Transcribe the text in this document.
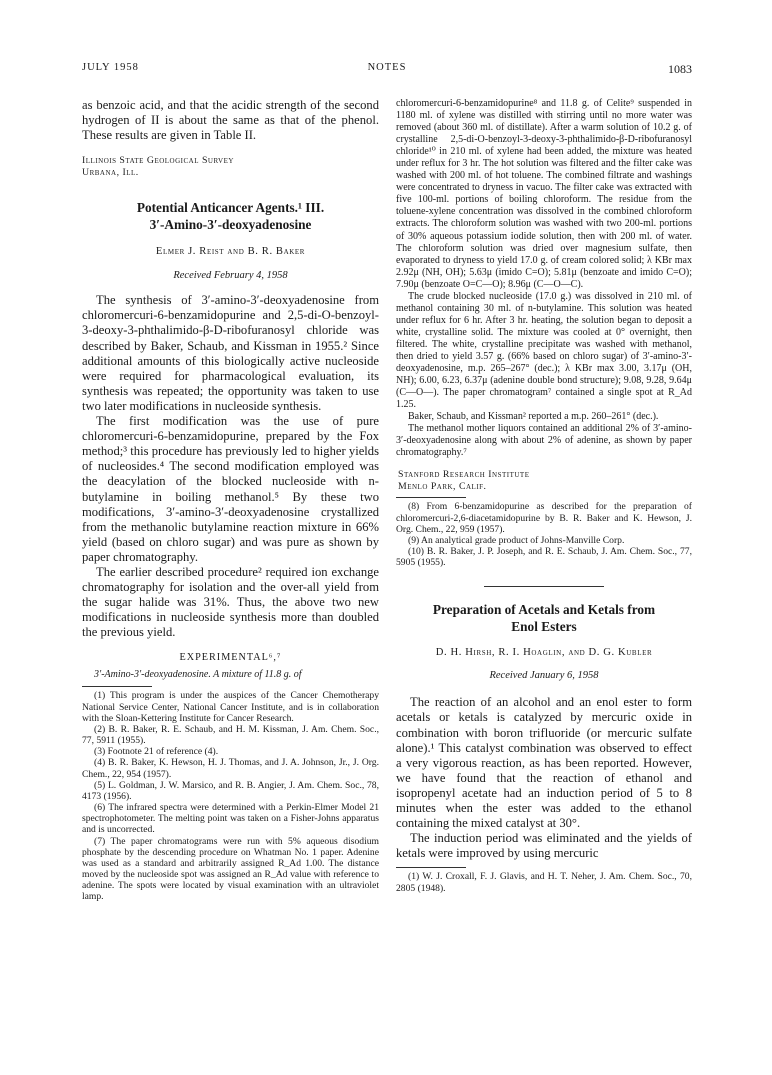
JULY 1958	NOTES	1083

as benzoic acid, and that the acidic strength of the second hydrogen of II is about the same as that of the phenol. These results are given in Table II.

Illinois State Geological Survey
Urbana, Ill.

Potential Anticancer Agents.¹ III.

3′-Amino-3′-deoxyadenosine

Elmer J. Reist and B. R. Baker

Received February 4, 1958

The synthesis of 3′-amino-3′-deoxyadenosine from chloromercuri-6-benzamidopurine and 2,5-di-O-benzoyl-3-deoxy-3-phthalimido-β-D-ribofuranosyl chloride was described by Baker, Schaub, and Kissman in 1955.² Since additional amounts of this biologically active nucleoside were required for pharmacological evaluation, its synthesis was repeated; the opportunity was taken to use two later modifications in nucleoside synthesis.

The first modification was the use of pure chloromercuri-6-benzamidopurine, prepared by the Fox method;³ this procedure has previously led to higher yields of nucleosides.⁴ The second modification employed was the deacylation of the blocked nucleoside with n-butylamine in boiling methanol.⁵ By these two modifications, 3′-amino-3′-deoxyadenosine crystallized from the methanolic butylamine reaction mixture in 66% yield (based on chloro sugar) and was pure as shown by paper chromatography.

The earlier described procedure² required ion exchange chromatography for isolation and the over-all yield from the sugar halide was 31%. Thus, the above two new modifications in nucleoside synthesis more than doubled the previous yield.

EXPERIMENTAL⁶,⁷

3′-Amino-3′-deoxyadenosine. A mixture of 11.8 g. of

(1) This program is under the auspices of the Cancer Chemotherapy National Service Center, National Cancer Institute, and is in collaboration with the Sloan-Kettering Institute for Cancer Research.

(2) B. R. Baker, R. E. Schaub, and H. M. Kissman, J. Am. Chem. Soc., 77, 5911 (1955).

(3) Footnote 21 of reference (4).

(4) B. R. Baker, K. Hewson, H. J. Thomas, and J. A. Johnson, Jr., J. Org. Chem., 22, 954 (1957).

(5) L. Goldman, J. W. Marsico, and R. B. Angier, J. Am. Chem. Soc., 78, 4173 (1956).

(6) The infrared spectra were determined with a Perkin-Elmer Model 21 spectrophotometer. The melting point was taken on a Fisher-Johns apparatus and is uncorrected.

(7) The paper chromatograms were run with 5% aqueous disodium phosphate by the descending procedure on Whatman No. 1 paper. Adenine was used as a standard and arbitrarily assigned R_Ad 1.00. The distance moved by the nucleoside spot was assigned an R_Ad value with reference to adenine. The spots were located by visual examination with an ultraviolet lamp.

chloromercuri-6-benzamidopurine⁸ and 11.8 g. of Celite⁹ suspended in 1180 ml. of xylene was distilled with stirring until no more water was removed (about 360 ml. of distillate). After a warm solution of 10.2 g. of crystalline 2,5-di-O-benzoyl-3-deoxy-3-phthalimido-β-D-ribofuranosyl chloride¹⁰ in 210 ml. of xylene had been added, the mixture was heated under reflux for 3 hr. The hot solution was filtered and the filter cake was washed with 200 ml. of hot toluene. The combined filtrate and washings were concentrated to dryness in vacuo. The filter cake was extracted with five 100-ml. portions of boiling chloroform. The residue from the toluene-xylene concentration was dissolved in the combined chloroform extracts. The chloroform solution was washed with two 200-ml. portions of 30% aqueous potassium iodide solution, then with 200 ml. of water. The chloroform solution was dried over magnesium sulfate, then evaporated to dryness to yield 17.0 g. of cream colored solid; λ KBr max 2.92μ (NH, OH); 5.63μ (imido C=O); 5.81μ (benzoate and imido C=O); 7.90μ (benzoate O=C—O); 8.96μ (C—O—C).

The crude blocked nucleoside (17.0 g.) was dissolved in 210 ml. of methanol containing 30 ml. of n-butylamine. This solution was heated under reflux for 6 hr. After 3 hr. heating, the solution began to deposit a white, crystalline solid. The mixture was cooled at 0° overnight, then filtered. The white, crystalline precipitate was washed with methanol, then dried to yield 3.57 g. (66% based on chloro sugar) of 3′-amino-3′-deoxyadenosine, m.p. 265–267° (dec.); λ KBr max 3.00, 3.17μ (OH, NH); 6.00, 6.23, 6.37μ (adenine double bond structure); 9.08, 9.28, 9.64μ (C—O—). The paper chromatogram⁷ contained a single spot at R_Ad 1.25.

Baker, Schaub, and Kissman² reported a m.p. 260–261° (dec.).

The methanol mother liquors contained an additional 2% of 3′-amino-3′-deoxyadenosine along with about 2% of adenine, as shown by paper chromatography.⁷

Stanford Research Institute
Menlo Park, Calif.

(8) From 6-benzamidopurine as described for the preparation of chloromercuri-2,6-diacetamidopurine by B. R. Baker and K. Hewson, J. Org. Chem., 22, 959 (1957).

(9) An analytical grade product of Johns-Manville Corp.

(10) B. R. Baker, J. P. Joseph, and R. E. Schaub, J. Am. Chem. Soc., 77, 5905 (1955).

Preparation of Acetals and Ketals from

Enol Esters

D. H. Hirsh, R. I. Hoaglin, and D. G. Kubler

Received January 6, 1958

The reaction of an alcohol and an enol ester to form acetals or ketals is catalyzed by mercuric oxide in combination with boron trifluoride (or mercuric sulfate alone).¹ This catalyst combination was observed to effect a very vigorous reaction, as has been reported. However, we have found that the reaction of ethanol and isopropenyl acetate had an induction period of 5 to 8 minutes when the ester was added to the ethanol containing the mixed catalyst at 30°.

The induction period was eliminated and the yields of ketals were improved by using mercuric

(1) W. J. Croxall, F. J. Glavis, and H. T. Neher, J. Am. Chem. Soc., 70, 2805 (1948).
